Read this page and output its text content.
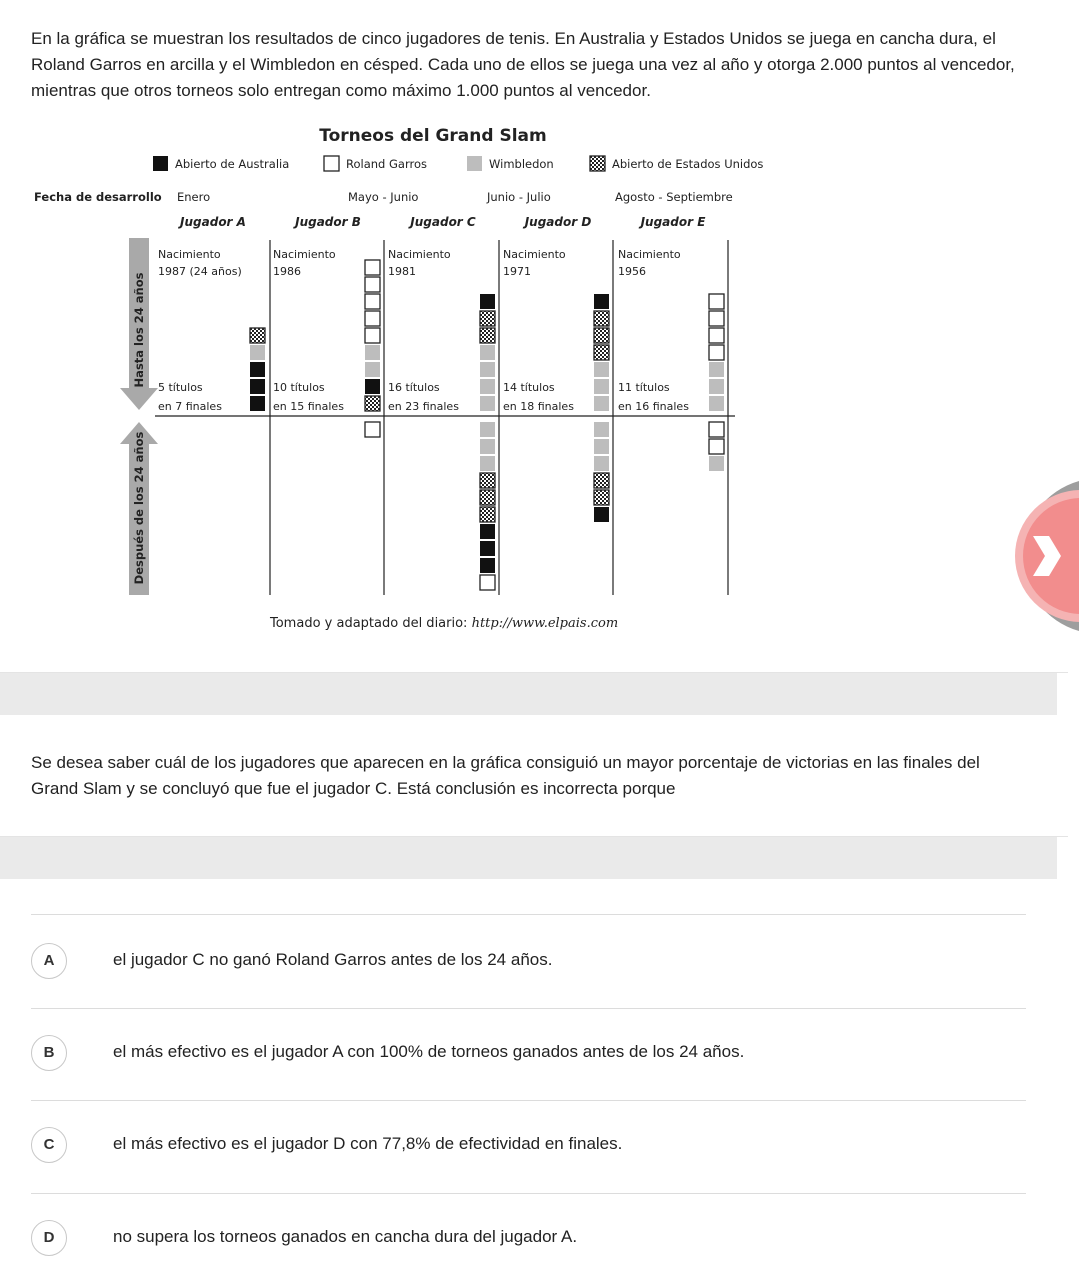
En la gráfica se muestran los resultados de cinco jugadores de tenis. En Australia y Estados Unidos se juega en cancha dura, el Roland Garros en arcilla y el Wimbledon en césped. Cada uno de ellos se juega una vez al año y otorga 2.000 puntos al vencedor, mientras que otros torneos solo entregan como máximo 1.000 puntos al vencedor.

Torneos del Grand Slam
Abierto de Australia	Roland Garros	Wimbledon	Abierto de Estados Unidos
Fecha de desarrollo Enero	Mayo - Junio	Junio - Julio	Agosto - Septiembre
Hasta los 24 años
Después de los 24 años
Jugador A
Nacimiento
1987 (24 años)
5 títulos
en 7 finales
Jugador B
Nacimiento
1986
10 títulos
en 15 finales
Jugador C
Nacimiento
1981
16 títulos
en 23 finales
Jugador D
Nacimiento
1971
14 títulos
en 18 finales
Jugador E
Nacimiento
1956
11 títulos
en 16 finales
Tomado y adaptado del diario: http://www.elpais.com

Se desea saber cuál de los jugadores que aparecen en la gráfica consiguió un mayor porcentaje de victorias en las finales del Grand Slam y se concluyó que fue el jugador C. Está conclusión es incorrecta porque

A	el jugador C no ganó Roland Garros antes de los 24 años.
B	el más efectivo es el jugador A con 100% de torneos ganados antes de los 24 años.
C	el más efectivo es el jugador D con 77,8% de efectividad en finales.
D	no supera los torneos ganados en cancha dura del jugador A.
